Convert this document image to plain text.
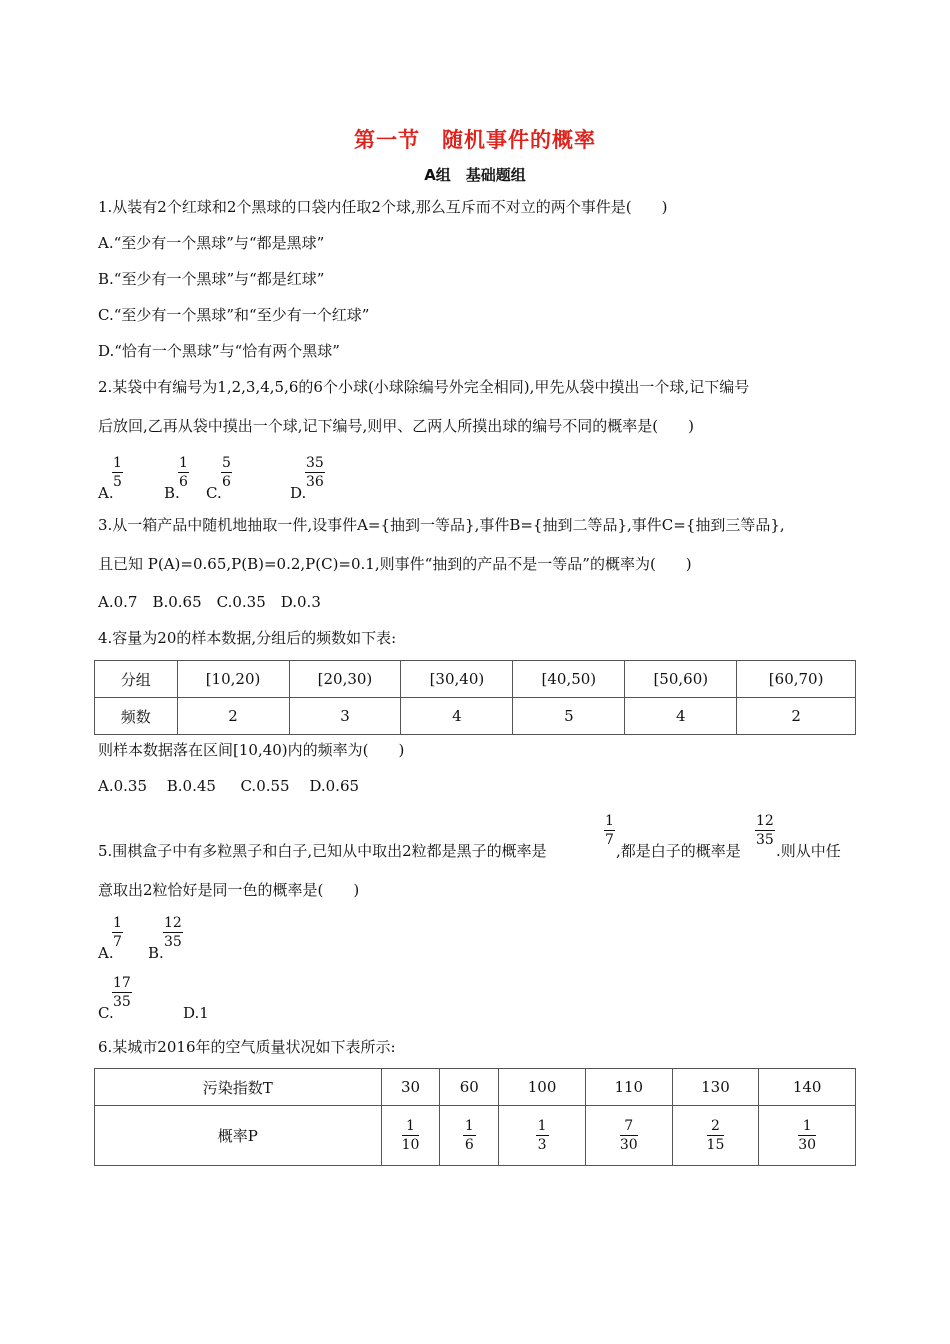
第一节　随机事件的概率
A组　基础题组
1.从装有2个红球和2个黑球的口袋内任取2个球,那么互斥而不对立的两个事件是(　　)
A.“至少有一个黑球”与“都是黑球”
B.“至少有一个黑球”与“都是红球”
C.“至少有一个黑球”和“至少有一个红球”
D.“恰有一个黑球”与“恰有两个黑球”
2.某袋中有编号为1,2,3,4,5,6的6个小球(小球除编号外完全相同),甲先从袋中摸出一个球,记下编号
后放回,乙再从袋中摸出一个球,记下编号,则甲、乙两人所摸出球的编号不同的概率是(　　)
A.
$\frac{1}{5}$
B.
$\frac{1}{6}$
C.
$\frac{5}{6}$
D.
$\frac{35}{36}$
3.从一箱产品中随机地抽取一件,设事件A={抽到一等品},事件B={抽到二等品},事件C={抽到三等品},
且已知 P(A)=0.65,P(B)=0.2,P(C)=0.1,则事件“抽到的产品不是一等品”的概率为(　　)
A.0.7　B.0.65　C.0.35　D.0.3
4.容量为20的样本数据,分组后的频数如下表:
分组	[10,20)	[20,30)	[30,40)	[40,50)	[50,60)	[60,70)
频数	2	3	4	5	4	2
则样本数据落在区间[10,40)内的频率为(　　)
A.0.35　 B.0.45 　 C.0.55　 D.0.65
5.围棋盒子中有多粒黑子和白子,已知从中取出2粒都是黑子的概率是
$\frac{1}{7}$
,都是白子的概率是
$\frac{12}{35}$
.则从中任
意取出2粒恰好是同一色的概率是(　　)
A.
$\frac{1}{7}$
B.
$\frac{12}{35}$
C.
$\frac{17}{35}$
D.1
6.某城市2016年的空气质量状况如下表所示:
污染指数T	30	60	100	110	130	140
概率P	$\frac{1}{10}$	$\frac{1}{6}$	$\frac{1}{3}$	$\frac{7}{30}$	$\frac{2}{15}$	$\frac{1}{30}$
